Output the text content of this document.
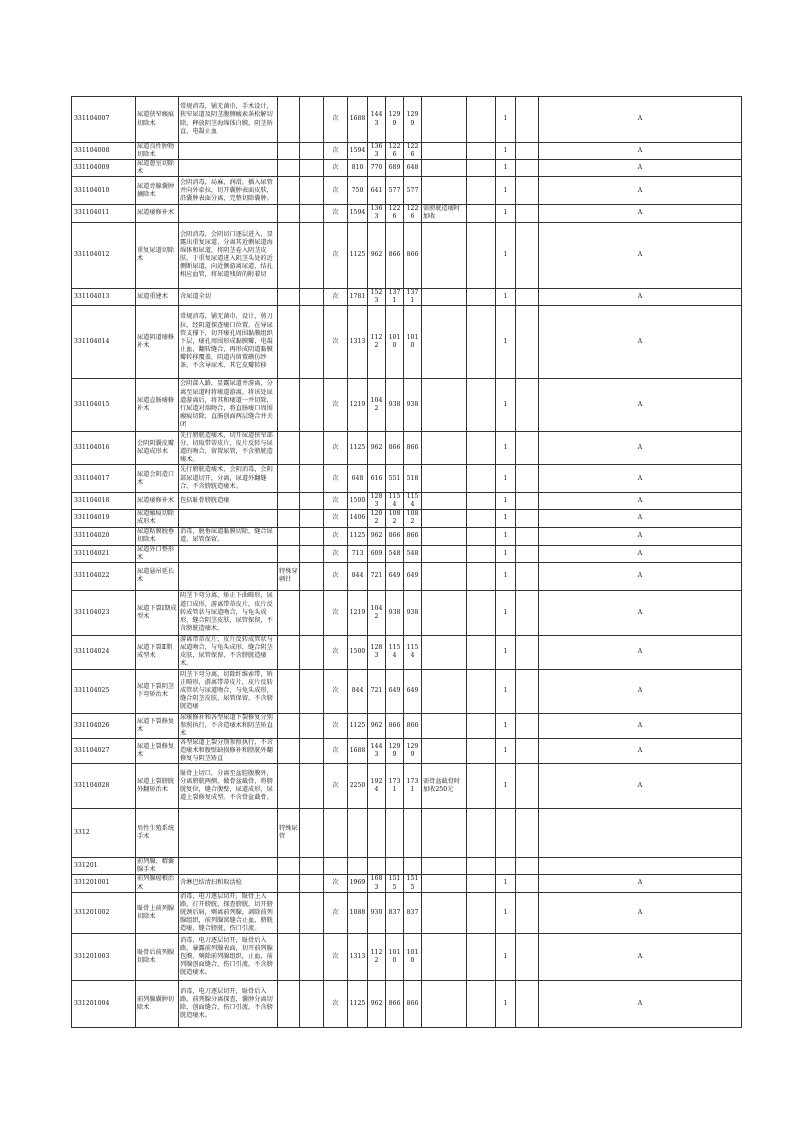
331104007	尿道狭窄瘢痕切除术	常规消毒，铺无菌巾，手术设计，狭窄尿道及阴茎腹侧瘢索条松解切除，释放阴茎海绵体白膜，阴茎矫直，电凝止血			次	1688	1443	1299	1299			1		A
331104008	尿道良性肿物切除术				次	1594	1363	1226	1226			1		A
331104009	尿道憩室切除术				次	810	770	689	648			1		A
331104010	尿道旁腺囊肿摘除术	会阴消毒，局麻，润滑，插入尿管并向外牵拉，切开囊肿表面皮肤，沿囊肿表面分离，完整切除囊肿。			次	750	641	577	577			1		A
331104011	尿道瘘修补术				次	1594	1363	1226	1226	需膀胱造瘘时加收		1		A
331104012	重复尿道切除术	会阴消毒，会阴切口逐层进入，显露出重复尿道，分离其近侧尿道海绵体和尿道，将阴茎卷入阴茎皮肤，于重复尿道进入阴茎头处的近侧断尿道，向近侧游离尿道，结扎相应血管，将尿道残留的附着切			次	1125	962	866	866			1		A
331104013	尿道重建术	含尿道全切			次	1781	1523	1371	1371			1		A
331104014	尿道阴道瘘修补术	常规消毒，铺无菌巾，设计，剪刀拉，经阴道探查瘘口位置，在导尿管支撑下，切开瘘孔周围黏膜组织下层，瘘孔周围形成黏膜瓣，电凝止血，翻转缝合，再形成阴道黏膜瓣转移覆盖，阴道内留置碘仿纱条，不含导尿术、其它皮瓣转移			次	1313	1122	1010	1010			1		A
331104015	尿道直肠瘘修补术	会阴部入路，显露尿道并游离，分离至尿道时将瘘道游离，将该处尿道游离后，将其和瘘道一并切除，行尿道对端吻合，将直肠瘘口周围瘢痕切除，直肠创面两层缝合并关闭			次	1219	1042	938	938			1		A
331104016	会阴阴囊皮瓣尿道成形术	先行膀胱造瘘术，切开尿道狭窄部分，切取带蒂皮片，皮片反转与尿道的吻合，留置尿管，不含膀胱造瘘术。			次	1125	962	866	866			1		A
331104017	尿道会阴造口术	先行膀胱造瘘术，会阴消毒，会阴部尿道切开，分离，尿道外翻缝合，不含膀胱造瘘术。			次	648	616	551	518			1		A
331104018	尿道瘘修补术	包括耻骨膀胱造瘘			次	1500	1283	1154	1154			1		A
331104019	尿道瘢痕切除成形术				次	1406	1202	1082	1082			1		A
331104020	尿道粘膜脱垂切除术	消毒，脱垂尿道黏膜切除，缝合尿道，尿管保留。			次	1125	962	866	866			1		A
331104021	尿道外口整形术				次	713	609	548	548			1		A
331104022	尿道悬吊延长术		特殊穿刺针		次	844	721	649	649			1		A
331104023	尿道下裂Ⅰ期成型术	阴茎下弯分离，矫正下曲畸形，尿道口成形，游离带蒂皮片，皮片反转成管状与尿道吻合，与龟头成形，缝合阴茎皮肤，尿管保留，不含膀胱造瘘术。			次	1219	1042	938	938			1		A
331104024	尿道下裂Ⅱ期成型术	游离带蒂皮片，皮片反转成管状与尿道吻合，与龟头成形，缝合阴茎皮肤，尿管保留，不含膀胱造瘘术。			次	1500	1283	1154	1154			1		A
331104025	尿道下裂阴茎下弯矫治术	阴茎下弯分离，切除纤维索带，矫正畸形，游离带蒂皮片，皮片反转成管状与尿道吻合，与龟头成形，缝合阴茎皮肤，尿管保留，不含膀胱造瘘			次	844	721	649	649			1		A
331104026	尿道下裂修复术	尿瘘修补和各型尿道下裂修复分别参照执行，不含造瘘术和阴茎矫直术			次	1125	962	866	866			1		A
331104027	尿道上裂修复术	各型尿道上裂分别参照执行，不含造瘘术和腹壁缺损修补和膀胱外翻修复与阴茎矫直			次	1688	1443	1299	1299			1		A
331104028	尿道上裂膀胱外翻矫治术	耻骨上切口，分离至盆腔腹膜外，分离膀胱两侧，做骨盆截骨，将膀胱复位，缝合腹壁，尿道成形，尿道上裂修复成型。不含骨盆截骨。			次	2250	1924	1731	1731	需骨盆截骨时加收250元		1		A
3312	男性生殖系统手术		特殊尿管											
331201	前列腺、精囊腺手术													
331201001	前列腺癌根治术	含淋巴结清扫和取活检			次	1969	1683	1515	1515			1		A
331201002	耻骨上前列腺切除术	消毒，电刀逐层切开，耻骨上入路，打开膀胱，探查膀胱，切开膀胱颈后唇，剜离前列腺，剥除前列腺组织，前列腺窝缝合止血，膀胱造瘘，缝合膀胱，伤口引流。			次	1088	930	837	837			1		A
331201003	耻骨后前列腺切除术	消毒，电刀逐层切开，耻骨后入路，暴露前列腺表面，切开前列腺包膜，剜除前列腺组织，止血，前列腺创面缝合，伤口引流，不含膀胱造瘘术。			次	1313	1122	1010	1010			1		A
331201004	前列腺囊肿切除术	消毒，电刀逐层切开，耻骨后入路，前列腺分离探查，囊肿分离切除，创面缝合，伤口引流，不含膀胱造瘘术。			次	1125	962	866	866			1		A
